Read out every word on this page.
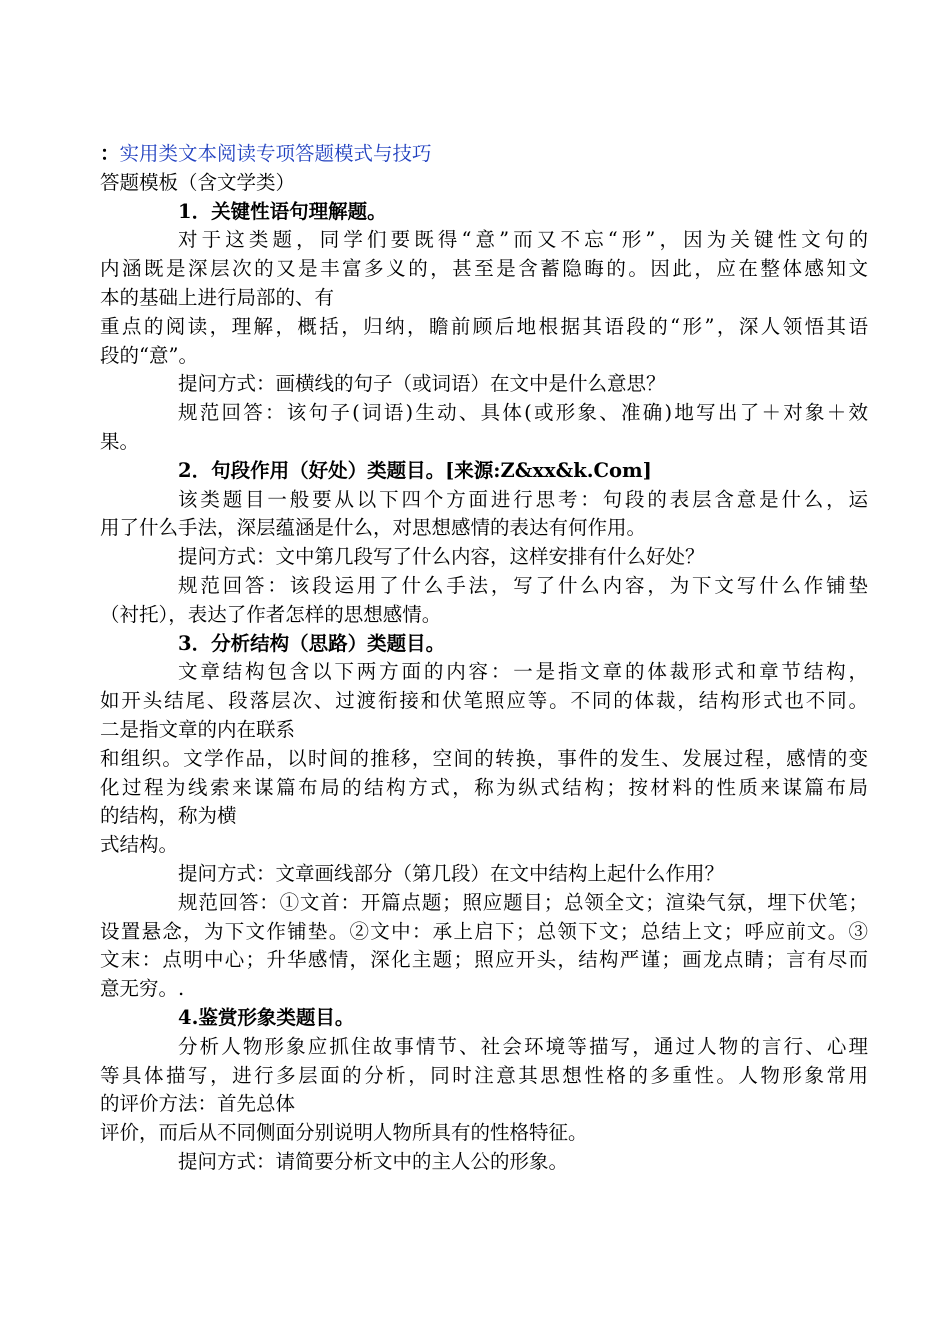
：实用类文本阅读专项答题模式与技巧
答题模板（含文学类）
1．关键性语句理解题。
对于这类题，同学们要既得“意”而又不忘“形”，因为关键性文句的
内涵既是深层次的又是丰富多义的，甚至是含蓄隐晦的。因此，应在整体感知文
本的基础上进行局部的、有
重点的阅读，理解，概括，归纳，瞻前顾后地根据其语段的“形”，深人领悟其语
段的“意”。
提问方式：画横线的句子（或词语）在文中是什么意思？
规范回答：该句子(词语)生动、具体(或形象、准确)地写出了＋对象＋效
果。
2．句段作用（好处）类题目。[来源:Z&xx&k.Com]
该类题目一般要从以下四个方面进行思考：句段的表层含意是什么，运
用了什么手法，深层蕴涵是什么，对思想感情的表达有何作用。
提问方式：文中第几段写了什么内容，这样安排有什么好处？
规范回答：该段运用了什么手法，写了什么内容，为下文写什么作铺垫
（衬托），表达了作者怎样的思想感情。
3．分析结构（思路）类题目。
文章结构包含以下两方面的内容：一是指文章的体裁形式和章节结构，
如开头结尾、段落层次、过渡衔接和伏笔照应等。不同的体裁，结构形式也不同。
二是指文章的内在联系
和组织。文学作品，以时间的推移，空间的转换，事件的发生、发展过程，感情的变
化过程为线索来谋篇布局的结构方式，称为纵式结构；按材料的性质来谋篇布局
的结构，称为横
式结构。
提问方式：文章画线部分（第几段）在文中结构上起什么作用？
规范回答：①文首：开篇点题；照应题目；总领全文；渲染气氛，埋下伏笔；
设置悬念，为下文作铺垫。②文中：承上启下；总领下文；总结上文；呼应前文。③
文末：点明中心；升华感情，深化主题；照应开头，结构严谨；画龙点睛；言有尽而
意无穷。.
4.鉴赏形象类题目。
分析人物形象应抓住故事情节、社会环境等描写，通过人物的言行、心理
等具体描写，进行多层面的分析，同时注意其思想性格的多重性。人物形象常用
的评价方法：首先总体
评价，而后从不同侧面分别说明人物所具有的性格特征。
提问方式：请简要分析文中的主人公的形象。
